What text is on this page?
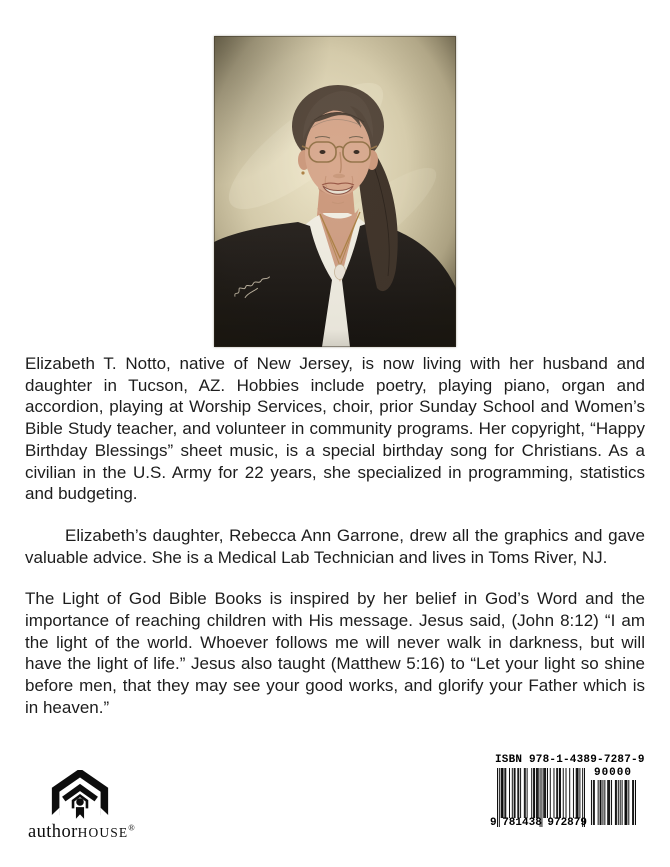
Elizabeth T. Notto, native of New Jersey, is now living with her husband and daughter in Tucson, AZ. Hobbies include poetry, playing piano, organ and accordion, playing at Worship Services, choir, prior Sunday School and Women’s Bible Study teacher, and volunteer in community programs. Her copyright, “Happy Birthday Blessings” sheet music, is a special birthday song for Christians. As a civilian in the U.S. Army for 22 years, she specialized in programming, statistics and budgeting.

Elizabeth’s daughter, Rebecca Ann Garrone, drew all the graphics and gave valuable advice. She is a Medical Lab Technician and lives in Toms River, NJ.

The Light of God Bible Books is inspired by her belief in God’s Word and the importance of reaching children with His message. Jesus said, (John 8:12) “I am the light of the world. Whoever follows me will never walk in darkness, but will have the light of life.” Jesus also taught (Matthew 5:16) to “Let your light so shine before men, that they may see your good works, and glorify your Father which is in heaven.”

authorHOUSE®
ISBN 978-1-4389-7287-9
9 781438 972879
90000
